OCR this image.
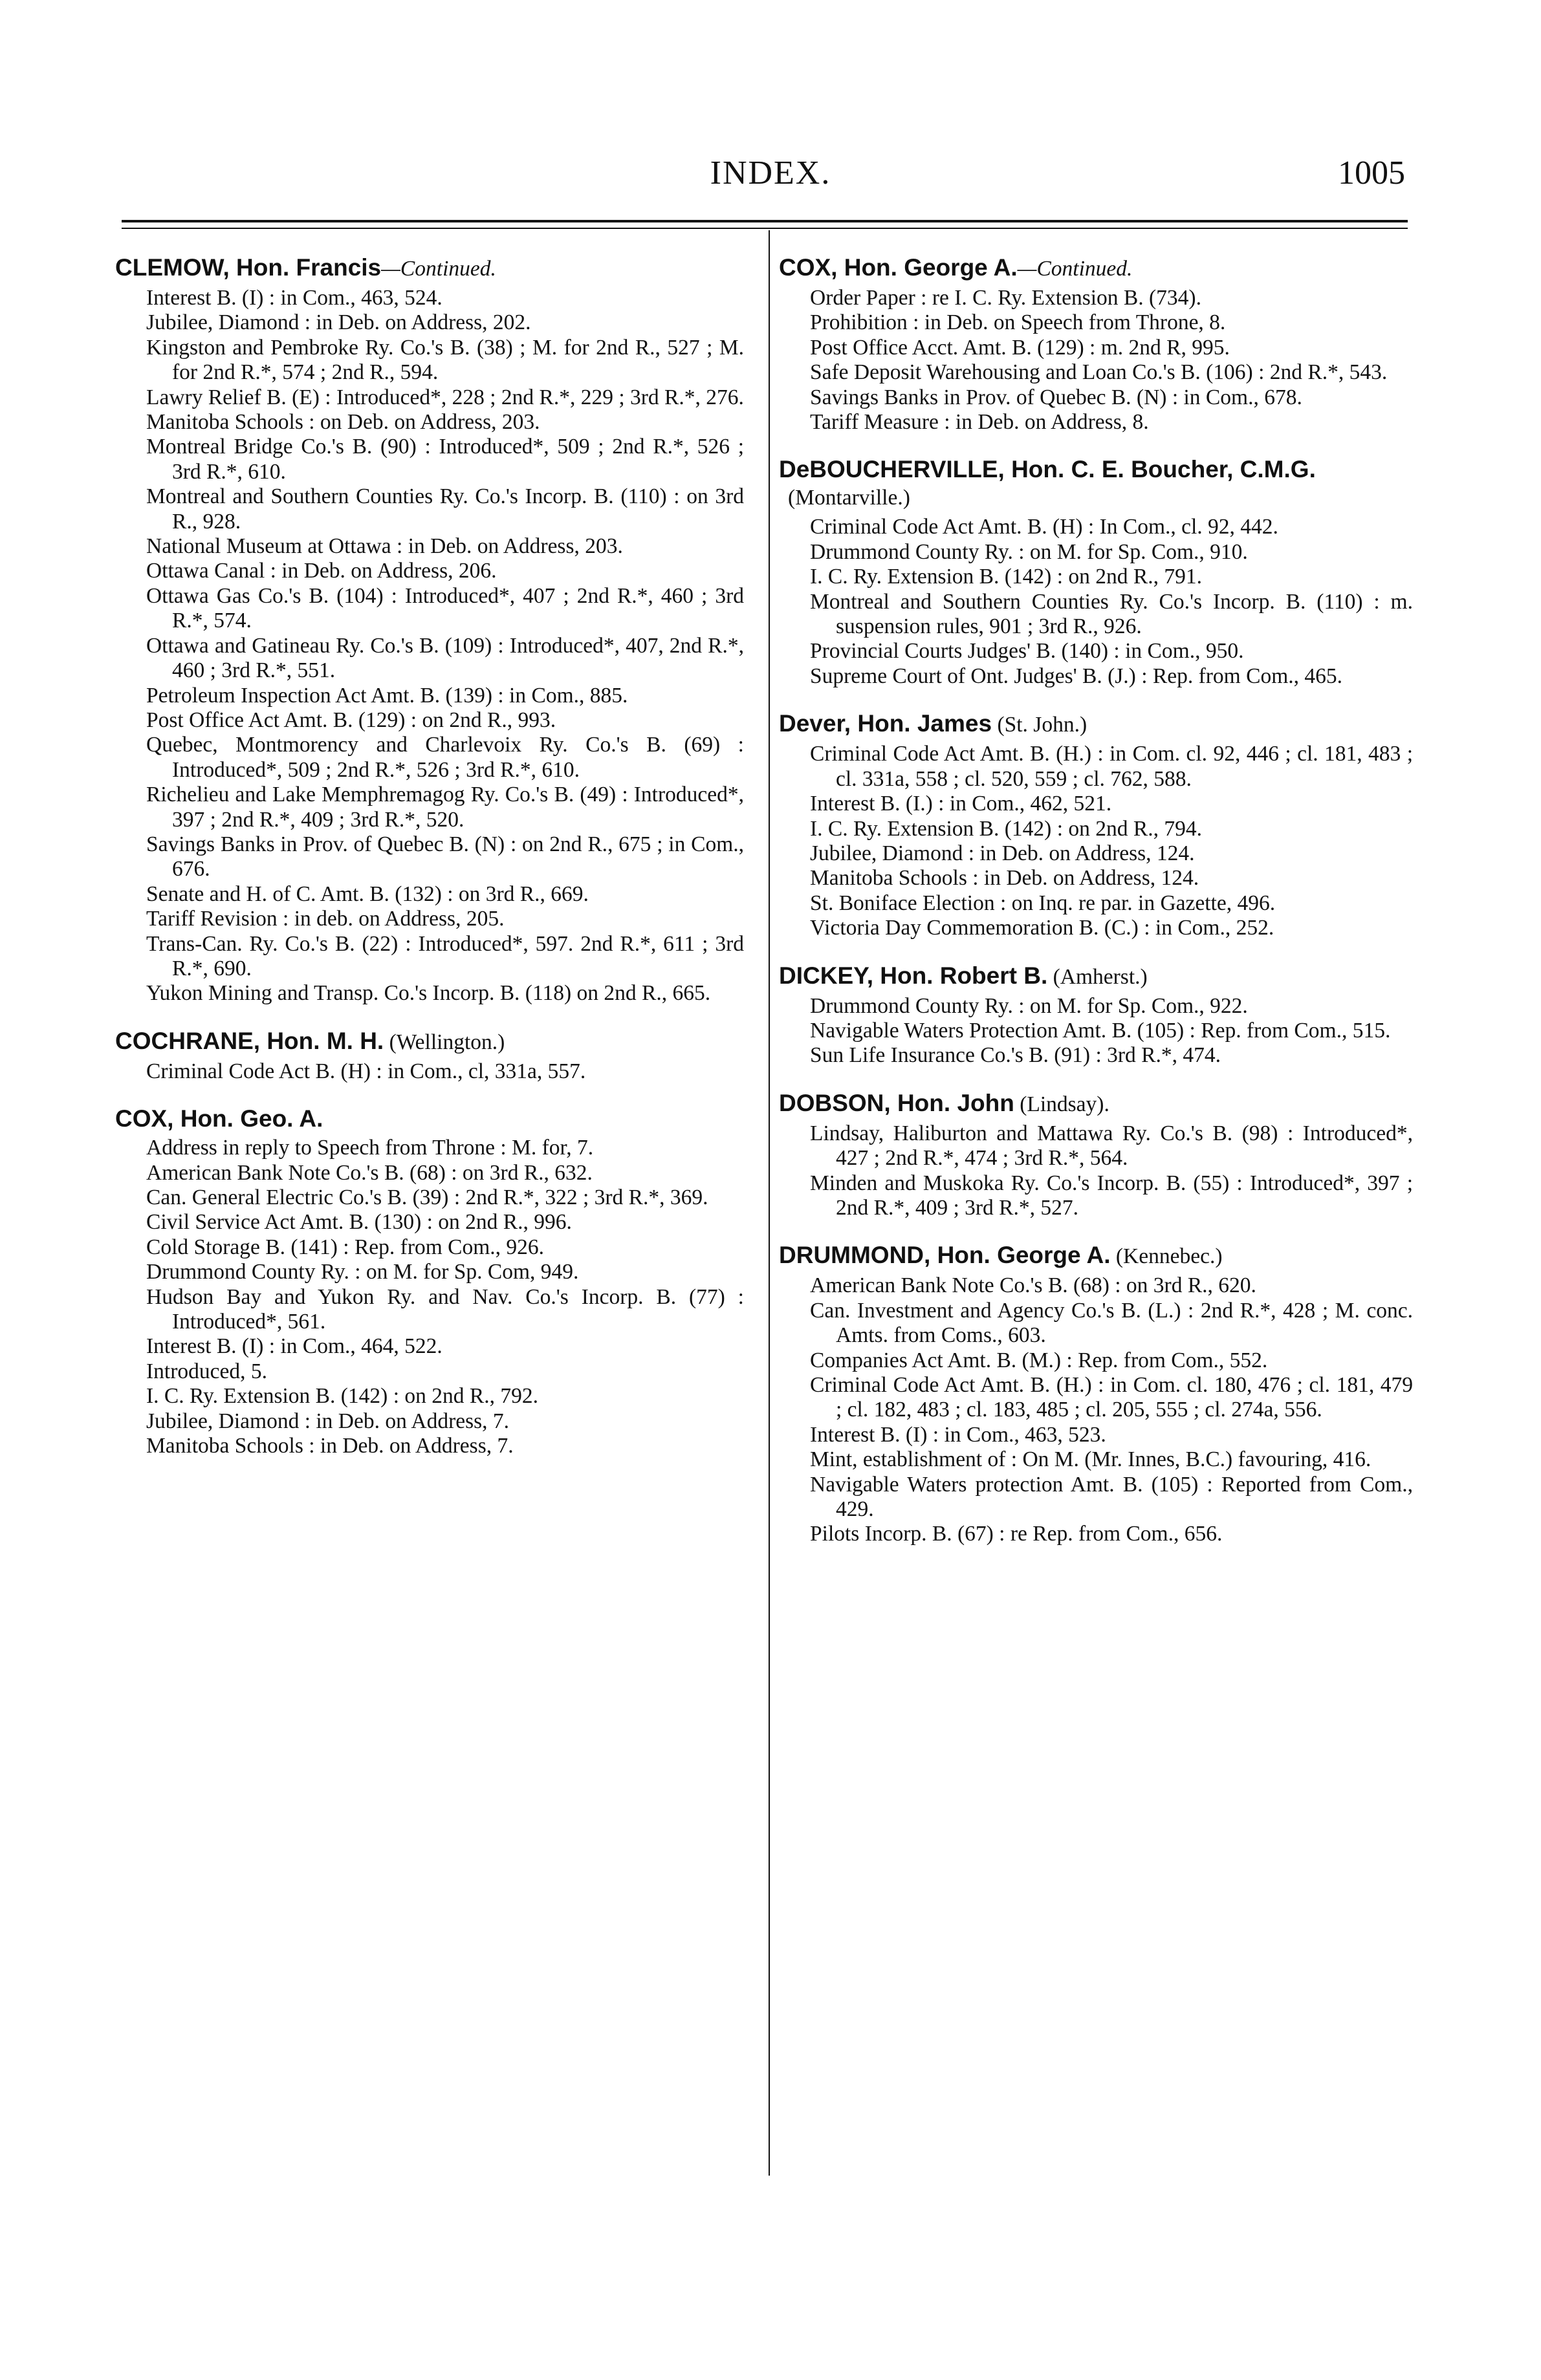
INDEX.	1005

CLEMOW, Hon. Francis—Continued.

Interest B. (I) : in Com., 463, 524.

Jubilee, Diamond : in Deb. on Address, 202.

Kingston and Pembroke Ry. Co.'s B. (38) ; M. for 2nd R., 527 ; M. for 2nd R.*, 574 ; 2nd R., 594.

Lawry Relief B. (E) : Introduced*, 228 ; 2nd R.*, 229 ; 3rd R.*, 276.

Manitoba Schools : on Deb. on Address, 203.

Montreal Bridge Co.'s B. (90) : Introduced*, 509 ; 2nd R.*, 526 ; 3rd R.*, 610.

Montreal and Southern Counties Ry. Co.'s Incorp. B. (110) : on 3rd R., 928.

National Museum at Ottawa : in Deb. on Address, 203.

Ottawa Canal : in Deb. on Address, 206.

Ottawa Gas Co.'s B. (104) : Introduced*, 407 ; 2nd R.*, 460 ; 3rd R.*, 574.

Ottawa and Gatineau Ry. Co.'s B. (109) : Introduced*, 407, 2nd R.*, 460 ; 3rd R.*, 551.

Petroleum Inspection Act Amt. B. (139) : in Com., 885.

Post Office Act Amt. B. (129) : on 2nd R., 993.

Quebec, Montmorency and Charlevoix Ry. Co.'s B. (69) : Introduced*, 509 ; 2nd R.*, 526 ; 3rd R.*, 610.

Richelieu and Lake Memphremagog Ry. Co.'s B. (49) : Introduced*, 397 ; 2nd R.*, 409 ; 3rd R.*, 520.

Savings Banks in Prov. of Quebec B. (N) : on 2nd R., 675 ; in Com., 676.

Senate and H. of C. Amt. B. (132) : on 3rd R., 669.

Tariff Revision : in deb. on Address, 205.

Trans-Can. Ry. Co.'s B. (22) : Introduced*, 597. 2nd R.*, 611 ; 3rd R.*, 690.

Yukon Mining and Transp. Co.'s Incorp. B. (118) on 2nd R., 665.

COCHRANE, Hon. M. H. (Wellington.)

Criminal Code Act B. (H) : in Com., cl, 331a, 557.

COX, Hon. Geo. A.

Address in reply to Speech from Throne : M. for, 7.

American Bank Note Co.'s B. (68) : on 3rd R., 632.

Can. General Electric Co.'s B. (39) : 2nd R.*, 322 ; 3rd R.*, 369.

Civil Service Act Amt. B. (130) : on 2nd R., 996.

Cold Storage B. (141) : Rep. from Com., 926.

Drummond County Ry. : on M. for Sp. Com, 949.

Hudson Bay and Yukon Ry. and Nav. Co.'s Incorp. B. (77) : Introduced*, 561.

Interest B. (I) : in Com., 464, 522.

Introduced, 5.

I. C. Ry. Extension B. (142) : on 2nd R., 792.

Jubilee, Diamond : in Deb. on Address, 7.

Manitoba Schools : in Deb. on Address, 7.

COX, Hon. George A.—Continued.

Order Paper : re I. C. Ry. Extension B. (734).

Prohibition : in Deb. on Speech from Throne, 8.

Post Office Acct. Amt. B. (129) : m. 2nd R, 995.

Safe Deposit Warehousing and Loan Co.'s B. (106) : 2nd R.*, 543.

Savings Banks in Prov. of Quebec B. (N) : in Com., 678.

Tariff Measure : in Deb. on Address, 8.

DeBOUCHERVILLE, Hon. C. E. Boucher, C.M.G. (Montarville.)

Criminal Code Act Amt. B. (H) : In Com., cl. 92, 442.

Drummond County Ry. : on M. for Sp. Com., 910.

I. C. Ry. Extension B. (142) : on 2nd R., 791.

Montreal and Southern Counties Ry. Co.'s Incorp. B. (110) : m. suspension rules, 901 ; 3rd R., 926.

Provincial Courts Judges' B. (140) : in Com., 950.

Supreme Court of Ont. Judges' B. (J.) : Rep. from Com., 465.

Dever, Hon. James (St. John.)

Criminal Code Act Amt. B. (H.) : in Com. cl. 92, 446 ; cl. 181, 483 ; cl. 331a, 558 ; cl. 520, 559 ; cl. 762, 588.

Interest B. (I.) : in Com., 462, 521.

I. C. Ry. Extension B. (142) : on 2nd R., 794.

Jubilee, Diamond : in Deb. on Address, 124.

Manitoba Schools : in Deb. on Address, 124.

St. Boniface Election : on Inq. re par. in Gazette, 496.

Victoria Day Commemoration B. (C.) : in Com., 252.

DICKEY, Hon. Robert B. (Amherst.)

Drummond County Ry. : on M. for Sp. Com., 922.

Navigable Waters Protection Amt. B. (105) : Rep. from Com., 515.

Sun Life Insurance Co.'s B. (91) : 3rd R.*, 474.

DOBSON, Hon. John (Lindsay).

Lindsay, Haliburton and Mattawa Ry. Co.'s B. (98) : Introduced*, 427 ; 2nd R.*, 474 ; 3rd R.*, 564.

Minden and Muskoka Ry. Co.'s Incorp. B. (55) : Introduced*, 397 ; 2nd R.*, 409 ; 3rd R.*, 527.

DRUMMOND, Hon. George A. (Kennebec.)

American Bank Note Co.'s B. (68) : on 3rd R., 620.

Can. Investment and Agency Co.'s B. (L.) : 2nd R.*, 428 ; M. conc. Amts. from Coms., 603.

Companies Act Amt. B. (M.) : Rep. from Com., 552.

Criminal Code Act Amt. B. (H.) : in Com. cl. 180, 476 ; cl. 181, 479 ; cl. 182, 483 ; cl. 183, 485 ; cl. 205, 555 ; cl. 274a, 556.

Interest B. (I) : in Com., 463, 523.

Mint, establishment of : On M. (Mr. Innes, B.C.) favouring, 416.

Navigable Waters protection Amt. B. (105) : Reported from Com., 429.

Pilots Incorp. B. (67) : re Rep. from Com., 656.
